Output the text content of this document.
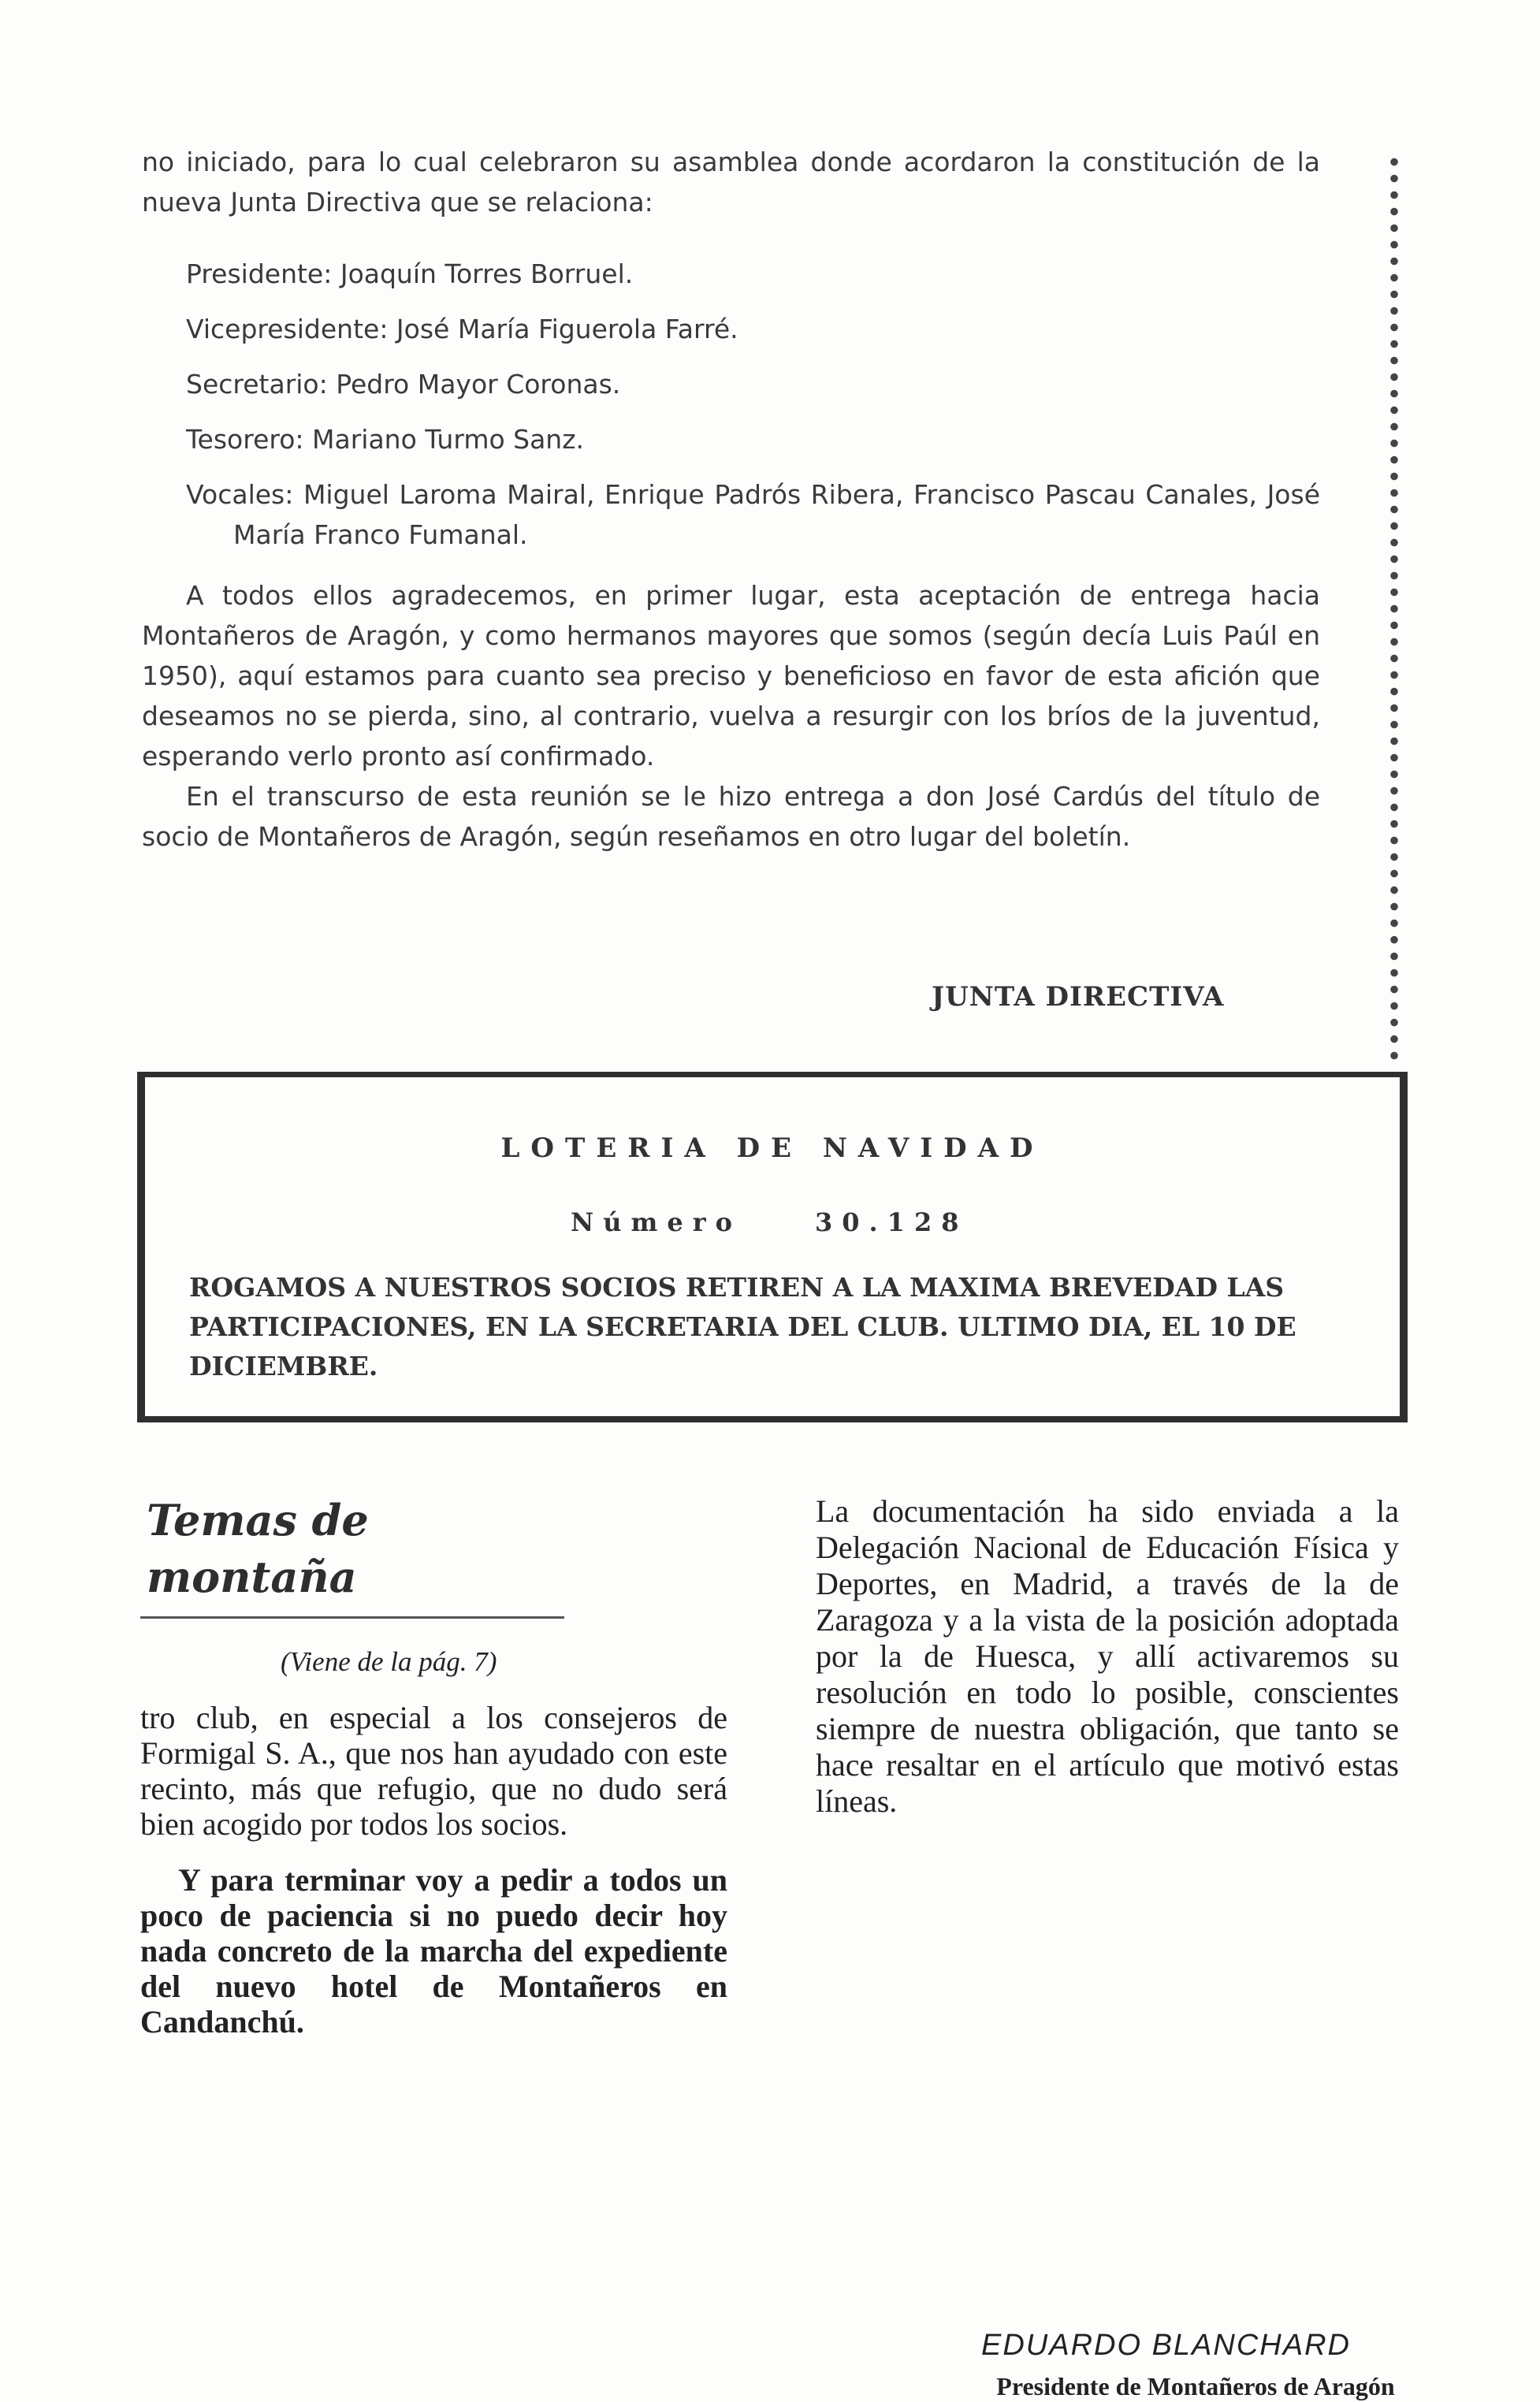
no iniciado, para lo cual celebraron su asamblea donde acordaron la constitución de la nueva Junta Directiva que se relaciona:

Presidente: Joaquín Torres Borruel.

Vicepresidente: José María Figuerola Farré.

Secretario: Pedro Mayor Coronas.

Tesorero: Mariano Turmo Sanz.

Vocales: Miguel Laroma Mairal, Enrique Padrós Ribera, Francisco Pascau Canales, José María Franco Fumanal.

A todos ellos agradecemos, en primer lugar, esta aceptación de entrega hacia Montañeros de Aragón, y como hermanos mayores que somos (según decía Luis Paúl en 1950), aquí estamos para cuanto sea preciso y beneficioso en favor de esta afición que deseamos no se pierda, sino, al contrario, vuelva a resurgir con los bríos de la juventud, esperando verlo pronto así confirmado.

En el transcurso de esta reunión se le hizo entrega a don José Cardús del título de socio de Montañeros de Aragón, según reseñamos en otro lugar del boletín.

JUNTA DIRECTIVA
LOTERIA DE NAVIDAD
Número	30.128
ROGAMOS A NUESTROS SOCIOS RETIREN A LA MAXIMA BREVEDAD LAS PARTICIPACIONES, EN LA SECRETARIA DEL CLUB. ULTIMO DIA, EL 10 DE DICIEMBRE.
Temas de montaña
(Viene de la pág. 7)

tro club, en especial a los consejeros de Formigal S. A., que nos han ayudado con este recinto, más que refugio, que no dudo será bien acogido por todos los socios.

Y para terminar voy a pedir a todos un poco de paciencia si no puedo decir hoy nada concreto de la marcha del expediente del nuevo hotel de Montañeros en Candanchú.

La documentación ha sido enviada a la Delegación Nacional de Educación Física y Deportes, en Madrid, a través de la de Zaragoza y a la vista de la posición adoptada por la de Huesca, y allí activaremos su resolución en todo lo posible, conscientes siempre de nuestra obligación, que tanto se hace resaltar en el artículo que motivó estas líneas.

EDUARDO BLANCHARD
Presidente de Montañeros de Aragón
